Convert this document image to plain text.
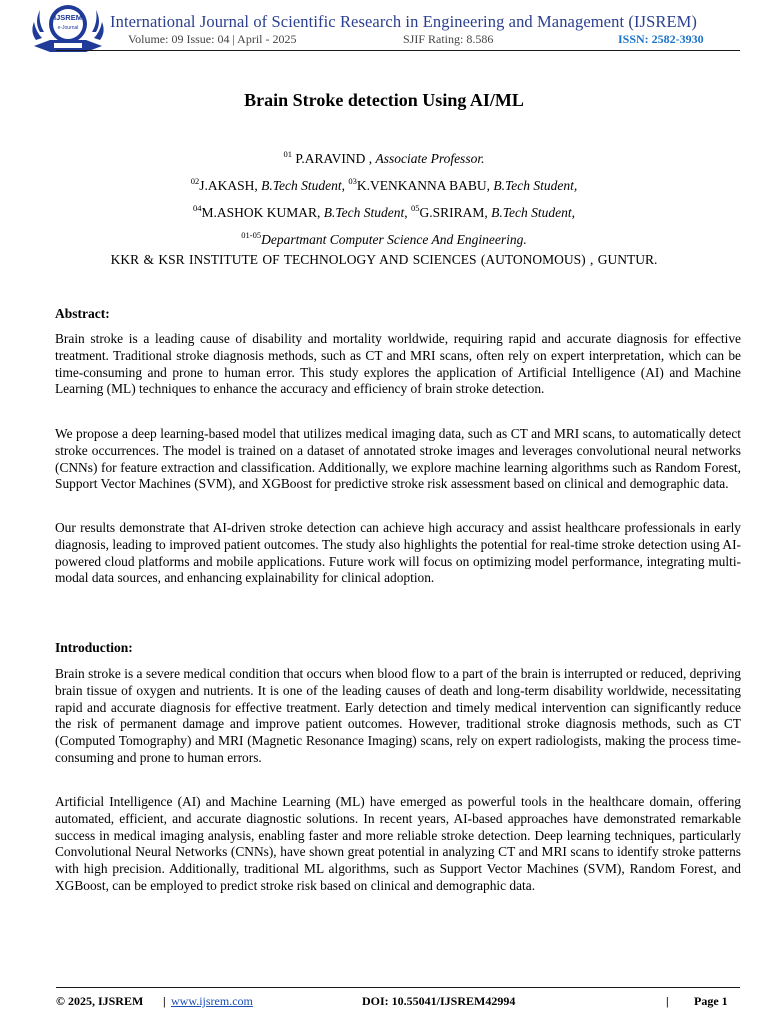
IJSREM
e-Journal International Journal of Scientific Research in Engineering and Management (IJSREM)
Volume: 09 Issue: 04 | April - 2025	SJIF Rating: 8.586	ISSN: 2582-3930
Brain Stroke detection Using AI/ML
$^{01}$ P.ARAVIND , Associate Professor.
$^{02}$J.AKASH, B.Tech Student, $^{03}$K.VENKANNA BABU, B.Tech Student,
$^{04}$M.ASHOK KUMAR, B.Tech Student, $^{05}$G.SRIRAM, B.Tech Student,
$^{01-05}$Departmant Computer Science And Engineering.
KKR & KSR INSTITUTE OF TECHNOLOGY AND SCIENCES (AUTONOMOUS) , GUNTUR.
Abstract:
Brain stroke is a leading cause of disability and mortality worldwide, requiring rapid and accurate diagnosis for effective treatment. Traditional stroke diagnosis methods, such as CT and MRI scans, often rely on expert interpretation, which can be time-consuming and prone to human error. This study explores the application of Artificial Intelligence (AI) and Machine Learning (ML) techniques to enhance the accuracy and efficiency of brain stroke detection.
We propose a deep learning-based model that utilizes medical imaging data, such as CT and MRI scans, to automatically detect stroke occurrences. The model is trained on a dataset of annotated stroke images and leverages convolutional neural networks (CNNs) for feature extraction and classification. Additionally, we explore machine learning algorithms such as Random Forest, Support Vector Machines (SVM), and XGBoost for predictive stroke risk assessment based on clinical and demographic data.
Our results demonstrate that AI-driven stroke detection can achieve high accuracy and assist healthcare professionals in early diagnosis, leading to improved patient outcomes. The study also highlights the potential for real-time stroke detection using AI-powered cloud platforms and mobile applications. Future work will focus on optimizing model performance, integrating multi-modal data sources, and enhancing explainability for clinical adoption.
Introduction:
Brain stroke is a severe medical condition that occurs when blood flow to a part of the brain is interrupted or reduced, depriving brain tissue of oxygen and nutrients. It is one of the leading causes of death and long-term disability worldwide, necessitating rapid and accurate diagnosis for effective treatment. Early detection and timely medical intervention can significantly reduce the risk of permanent damage and improve patient outcomes. However, traditional stroke diagnosis methods, such as CT (Computed Tomography) and MRI (Magnetic Resonance Imaging) scans, rely on expert radiologists, making the process time-consuming and prone to human errors.
Artificial Intelligence (AI) and Machine Learning (ML) have emerged as powerful tools in the healthcare domain, offering automated, efficient, and accurate diagnostic solutions. In recent years, AI-based approaches have demonstrated remarkable success in medical imaging analysis, enabling faster and more reliable stroke detection. Deep learning techniques, particularly Convolutional Neural Networks (CNNs), have shown great potential in analyzing CT and MRI scans to identify stroke patterns with high precision. Additionally, traditional ML algorithms, such as Support Vector Machines (SVM), Random Forest, and XGBoost, can be employed to predict stroke risk based on clinical and demographic data.
© 2025, IJSREM | www.ijsrem.com	DOI: 10.55041/IJSREM42994	| Page 1
